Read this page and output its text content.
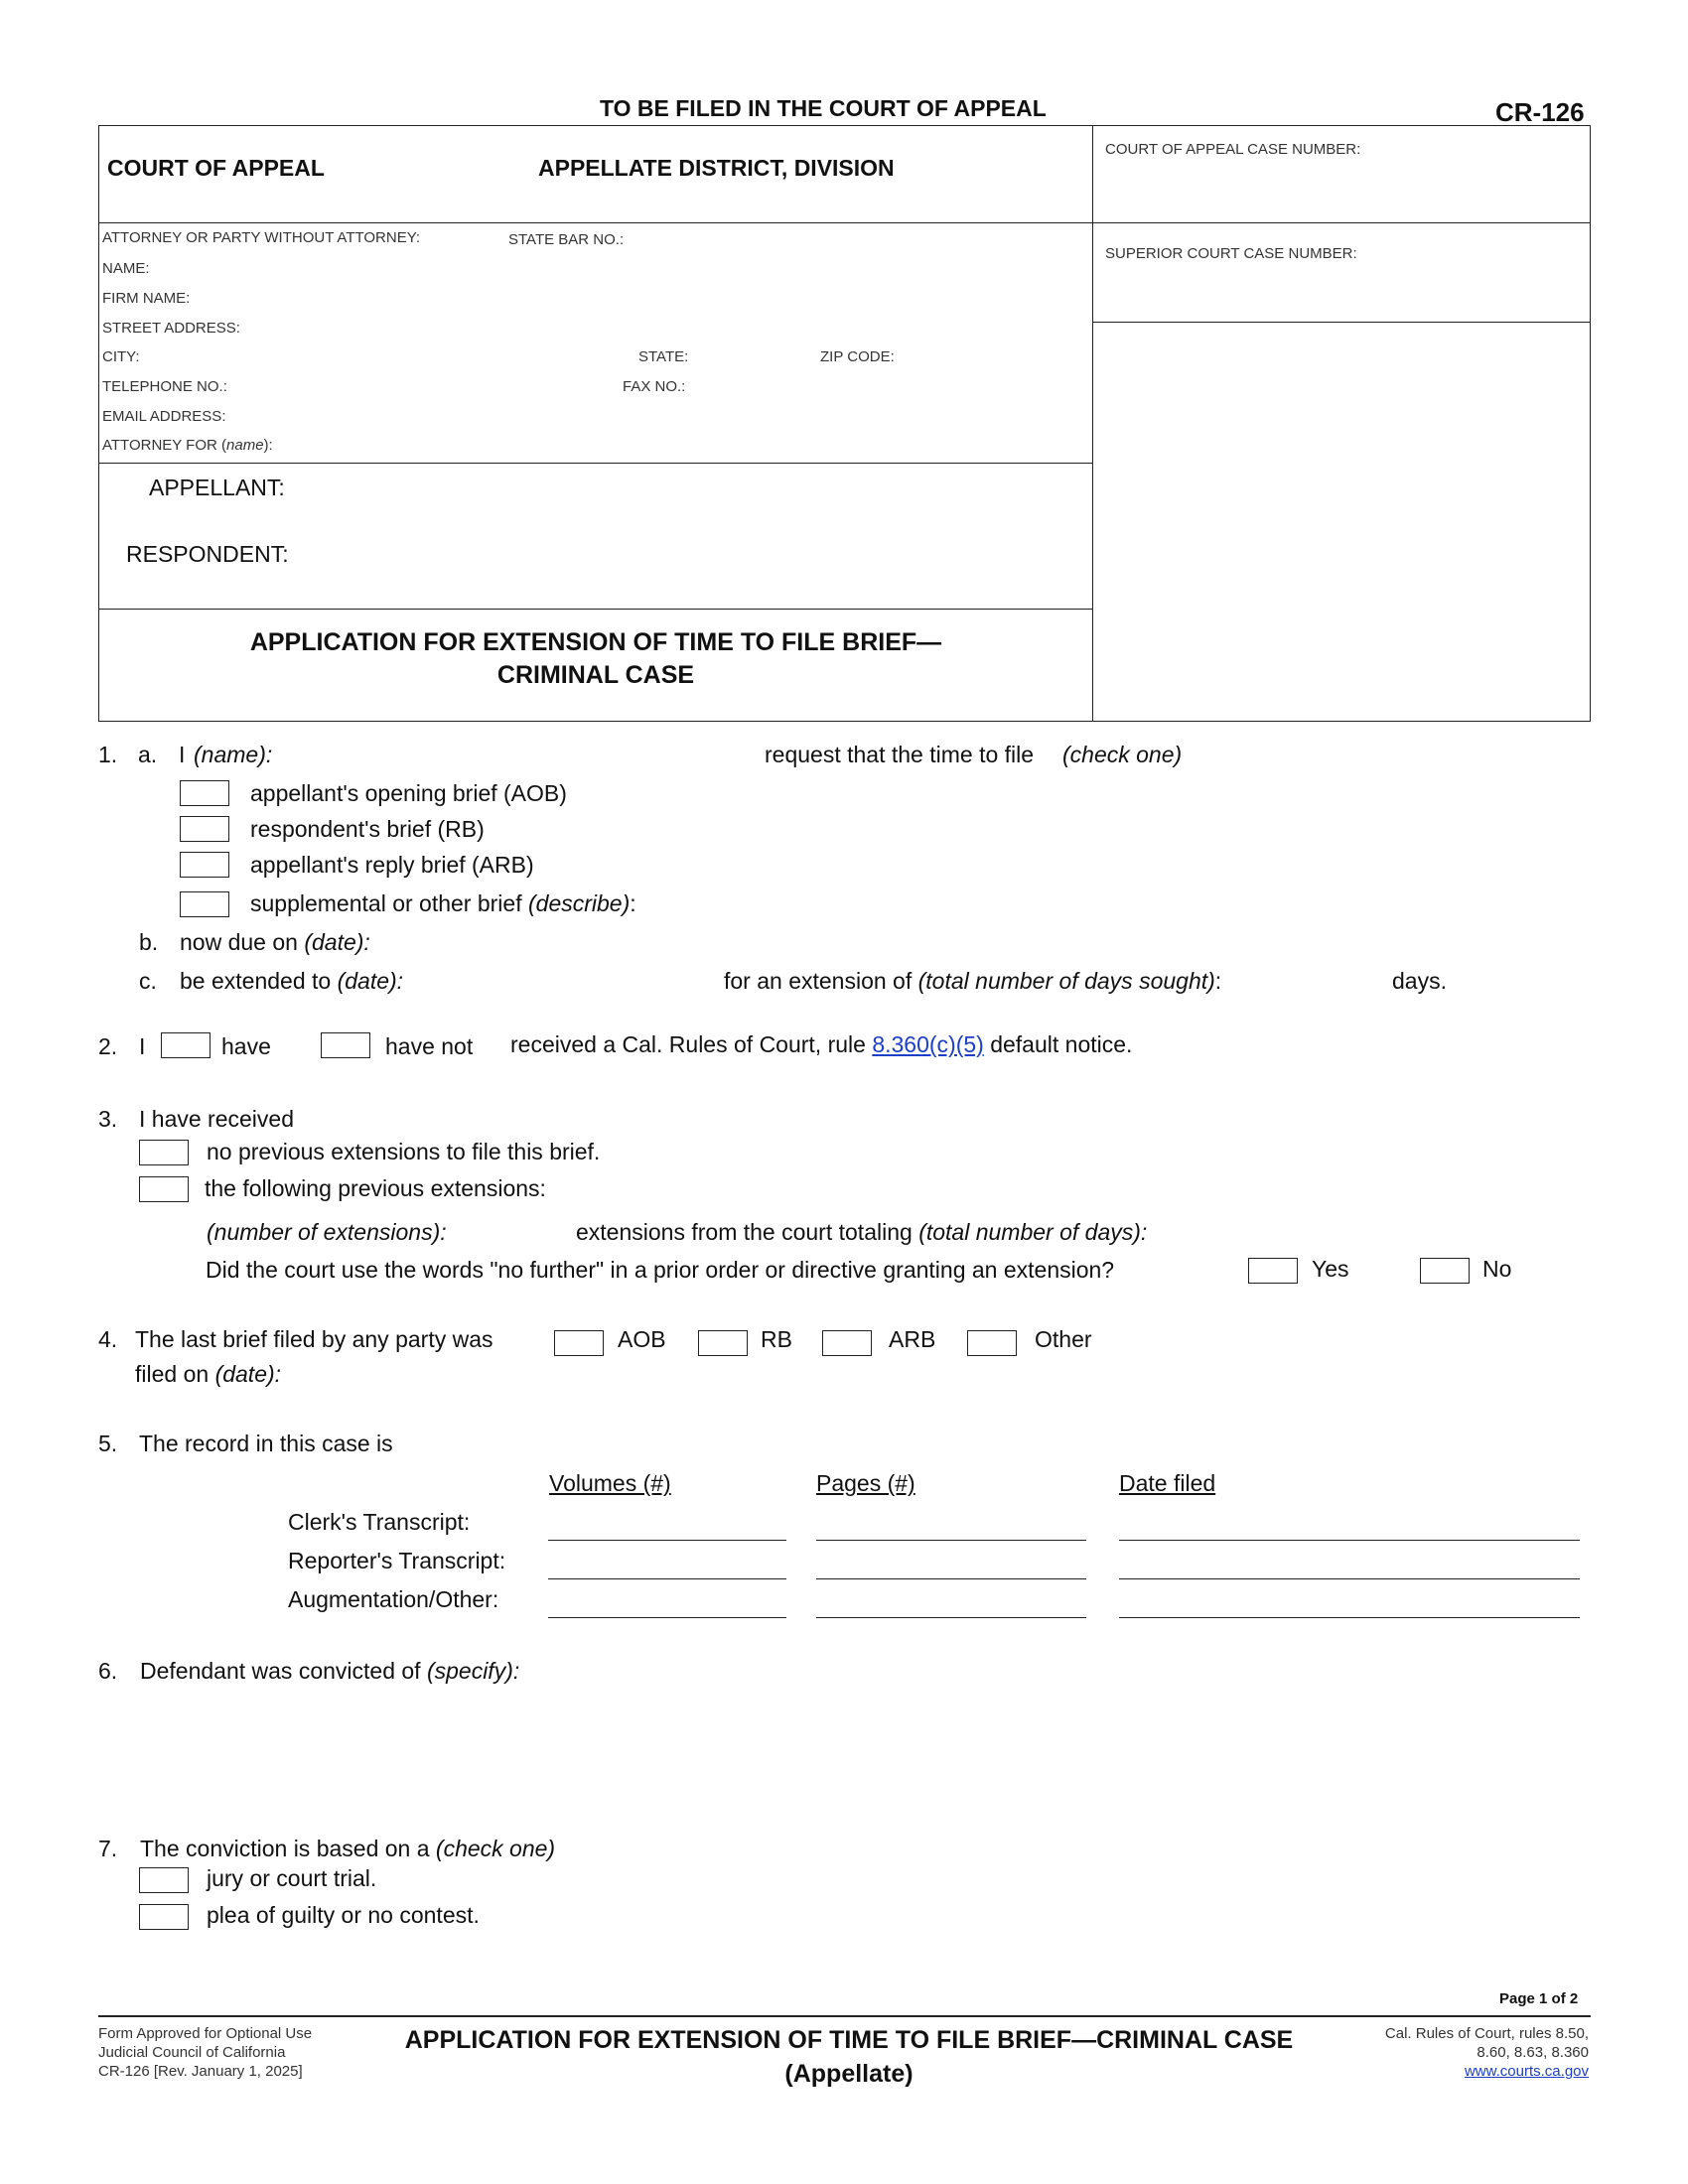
TO BE FILED IN THE COURT OF APPEAL	CR-126
COURT OF APPEAL	APPELLATE DISTRICT, DIVISION
COURT OF APPEAL CASE NUMBER:
SUPERIOR COURT CASE NUMBER:
ATTORNEY OR PARTY WITHOUT ATTORNEY:	STATE BAR NO.:
NAME:
FIRM NAME:
STREET ADDRESS:
CITY:	STATE:	ZIP CODE:
TELEPHONE NO.:	FAX NO.:
EMAIL ADDRESS:
ATTORNEY FOR (name):
APPELLANT:
RESPONDENT:
APPLICATION FOR EXTENSION OF TIME TO FILE BRIEF—
CRIMINAL CASE
1. a. I (name):	request that the time to file (check one)
appellant's opening brief (AOB)
respondent's brief (RB)
appellant's reply brief (ARB)
supplemental or other brief (describe):
b. now due on (date):
c. be extended to (date):	for an extension of (total number of days sought):	days.
2. I	have	have not received a Cal. Rules of Court, rule 8.360(c)(5) default notice.
3. I have received
no previous extensions to file this brief.
the following previous extensions:
(number of extensions):	extensions from the court totaling (total number of days):
Did the court use the words "no further" in a prior order or directive granting an extension?	Yes	No
4. The last brief filed by any party was	AOB	RB	ARB	Other
filed on (date):
5. The record in this case is
Volumes (#)	Pages (#)	Date filed
Clerk's Transcript:
Reporter's Transcript:
Augmentation/Other:
6. Defendant was convicted of (specify):
7. The conviction is based on a (check one)
jury or court trial.
plea of guilty or no contest.
Page 1 of 2
Form Approved for Optional Use
Judicial Council of California
CR-126 [Rev. January 1, 2025]
APPLICATION FOR EXTENSION OF TIME TO FILE BRIEF—CRIMINAL CASE
(Appellate)
Cal. Rules of Court, rules 8.50,
8.60, 8.63, 8.360
www.courts.ca.gov
